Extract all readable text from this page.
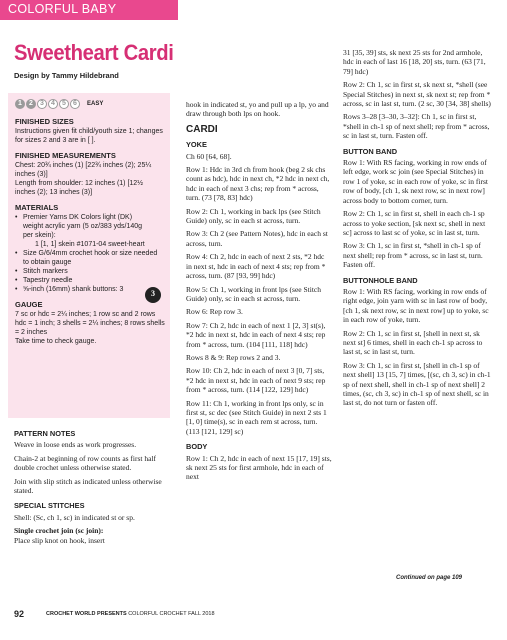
COLORFUL BABY
Sweetheart Cardi
Design by Tammy Hildebrand
1	2	3	4	5	6	EASY
FINISHED SIZES

Instructions given fit child/youth size 1; changes for sizes 2 and 3 are in [ ].

FINISHED MEASUREMENTS

Chest: 20¾ inches (1) [22¾ inches (2); 25¼ inches (3)]

Length from shoulder: 12 inches (1) [12½ inches (2); 13 inches (3)]

MATERIALS
• Premier Yarns DK Colors light (DK) weight acrylic yarn (5 oz/383 yds/140g per skein):
1 [1, 1] skein #1071-04 sweet-heart
• Size G/6/4mm crochet hook or size needed to obtain gauge
• Stitch markers
• Tapestry needle
• ⅝-inch (16mm) shank buttons: 3
GAUGE

7 sc or hdc = 2¼ inches; 1 row sc and 2 rows hdc = 1 inch; 3 shells = 2¼ inches; 8 rows shells = 2 inches

Take time to check gauge.

3
PATTERN NOTES

Weave in loose ends as work progresses.

Chain-2 at beginning of row counts as first half double crochet unless otherwise stated.

Join with slip stitch as indicated unless otherwise stated.

SPECIAL STITCHES

Shell: (Sc, ch 1, sc) in indicated st or sp.

Single crochet join (sc join):

Place slip knot on hook, insert

hook in indicated st, yo and pull up a lp, yo and draw through both lps on hook.

CARDI
YOKE

Ch 60 [64, 68].

Row 1: Hdc in 3rd ch from hook (beg 2 sk chs count as hdc), hdc in next ch, *2 hdc in next ch, hdc in each of next 3 chs; rep from * across, turn. (73 [78, 83] hdc)

Row 2: Ch 1, working in back lps (see Stitch Guide) only, sc in each st across, turn.

Row 3: Ch 2 (see Pattern Notes), hdc in each st across, turn.

Row 4: Ch 2, hdc in each of next 2 sts, *2 hdc in next st, hdc in each of next 4 sts; rep from * across, turn. (87 [93, 99] hdc)

Row 5: Ch 1, working in front lps (see Stitch Guide) only, sc in each st across, turn.

Row 6: Rep row 3.

Row 7: Ch 2, hdc in each of next 1 [2, 3] st(s), *2 hdc in next st, hdc in each of next 4 sts; rep from * across, turn. (104 [111, 118] hdc)

Rows 8 & 9: Rep rows 2 and 3.

Row 10: Ch 2, hdc in each of next 3 [0, 7] sts, *2 hdc in next st, hdc in each of next 9 sts; rep from * across, turn. (114 [122, 129] hdc)

Row 11: Ch 1, working in front lps only, sc in first st, sc dec (see Stitch Guide) in next 2 sts 1 [1, 0] time(s), sc in each rem st across, turn. (113 [121, 129] sc)

BODY

Row 1: Ch 2, hdc in each of next 15 [17, 19] sts, sk next 25 sts for first armhole, hdc in each of next

31 [35, 39] sts, sk next 25 sts for 2nd armhole, hdc in each of last 16 [18, 20] sts, turn. (63 [71, 79] hdc)

Row 2: Ch 1, sc in first st, sk next st, *shell (see Special Stitches) in next st, sk next st; rep from * across, sc in last st, turn. (2 sc, 30 [34, 38] shells)

Rows 3–28 [3–30, 3–32]: Ch 1, sc in first st, *shell in ch-1 sp of next shell; rep from * across, sc in last st, turn. Fasten off.

BUTTON BAND

Row 1: With RS facing, working in row ends of left edge, work sc join (see Special Stitches) in row 1 of yoke, sc in each row of yoke, sc in first row of body, [ch 1, sk next row, sc in next row] across body to bottom corner, turn.

Row 2: Ch 1, sc in first st, shell in each ch-1 sp across to yoke section, [sk next sc, shell in next sc] across to last sc of yoke, sc in last st, turn.

Row 3: Ch 1, sc in first st, *shell in ch-1 sp of next shell; rep from * across, sc in last st, turn. Fasten off.

BUTTONHOLE BAND

Row 1: With RS facing, working in row ends of right edge, join yarn with sc in last row of body, [ch 1, sk next row, sc in next row] up to yoke, sc in each row of yoke, turn.

Row 2: Ch 1, sc in first st, [shell in next st, sk next st] 6 times, shell in each ch-1 sp across to last st, sc in last st, turn.

Row 3: Ch 1, sc in first st, [shell in ch-1 sp of next shell] 13 [15, 7] times, [(sc, ch 3, sc) in ch-1 sp of next shell, shell in ch-1 sp of next shell] 2 times, (sc, ch 3, sc) in ch-1 sp of next shell, sc in last st, do not turn or fasten off.

Continued on page 109
92	CROCHET WORLD PRESENTS COLORFUL CROCHET FALL 2018
